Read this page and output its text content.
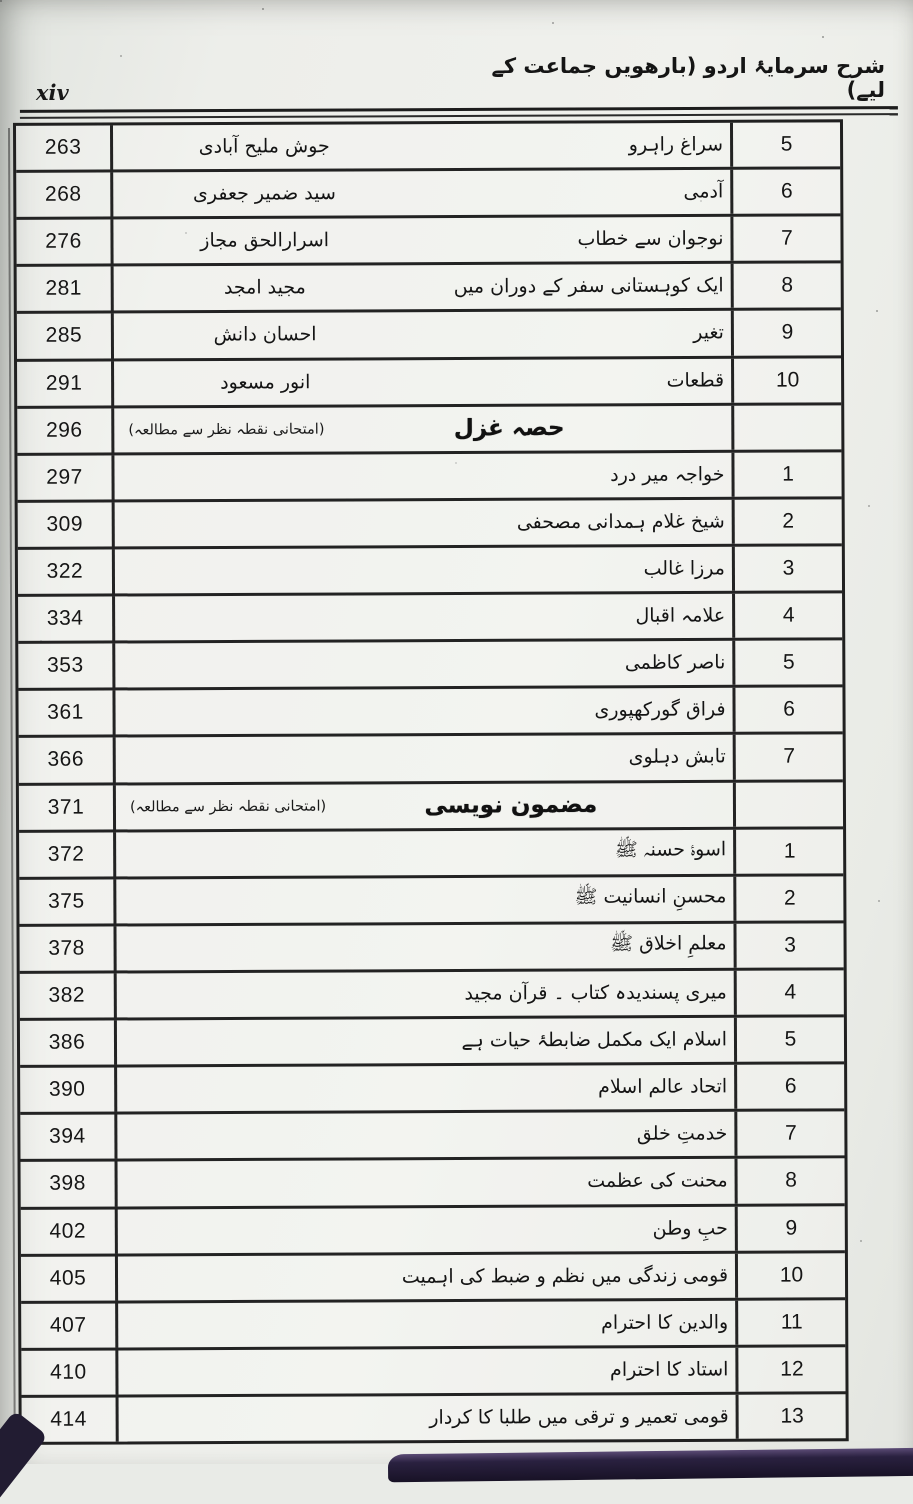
xiv
شرح سرمایۂ اردو (بارھویں جماعت کے لیے)
263	جوش ملیح آبادی	سراغ راہرو	5
268	سید ضمیر جعفری	آدمی	6
276	اسرارالحق مجاز	نوجوان سے خطاب	7
281	مجید امجد	ایک کوہستانی سفر کے دوران میں	8
285	احسان دانش	تغیر	9
291	انور مسعود	قطعات	10
296	(امتحانی نقطہ نظر سے مطالعہ)	حصہ غزل
297	خواجہ میر درد	1
309	شیخ غلام ہمدانی مصحفی	2
322	مرزا غالب	3
334	علامہ اقبال	4
353	ناصر کاظمی	5
361	فراق گورکھپوری	6
366	تابش دہلوی	7
371	(امتحانی نقطہ نظر سے مطالعہ)	مضمون نویسی
372	اسوۂ حسنہ ﷺ	1
375	محسنِ انسانیت ﷺ	2
378	معلمِ اخلاق ﷺ	3
382	میری پسندیدہ کتاب ۔ قرآن مجید	4
386	اسلام ایک مکمل ضابطۂ حیات ہے	5
390	اتحاد عالم اسلام	6
394	خدمتِ خلق	7
398	محنت کی عظمت	8
402	حبِ وطن	9
405	قومی زندگی میں نظم و ضبط کی اہمیت	10
407	والدین کا احترام	11
410	استاد کا احترام	12
414	قومی تعمیر و ترقی میں طلبا کا کردار	13
